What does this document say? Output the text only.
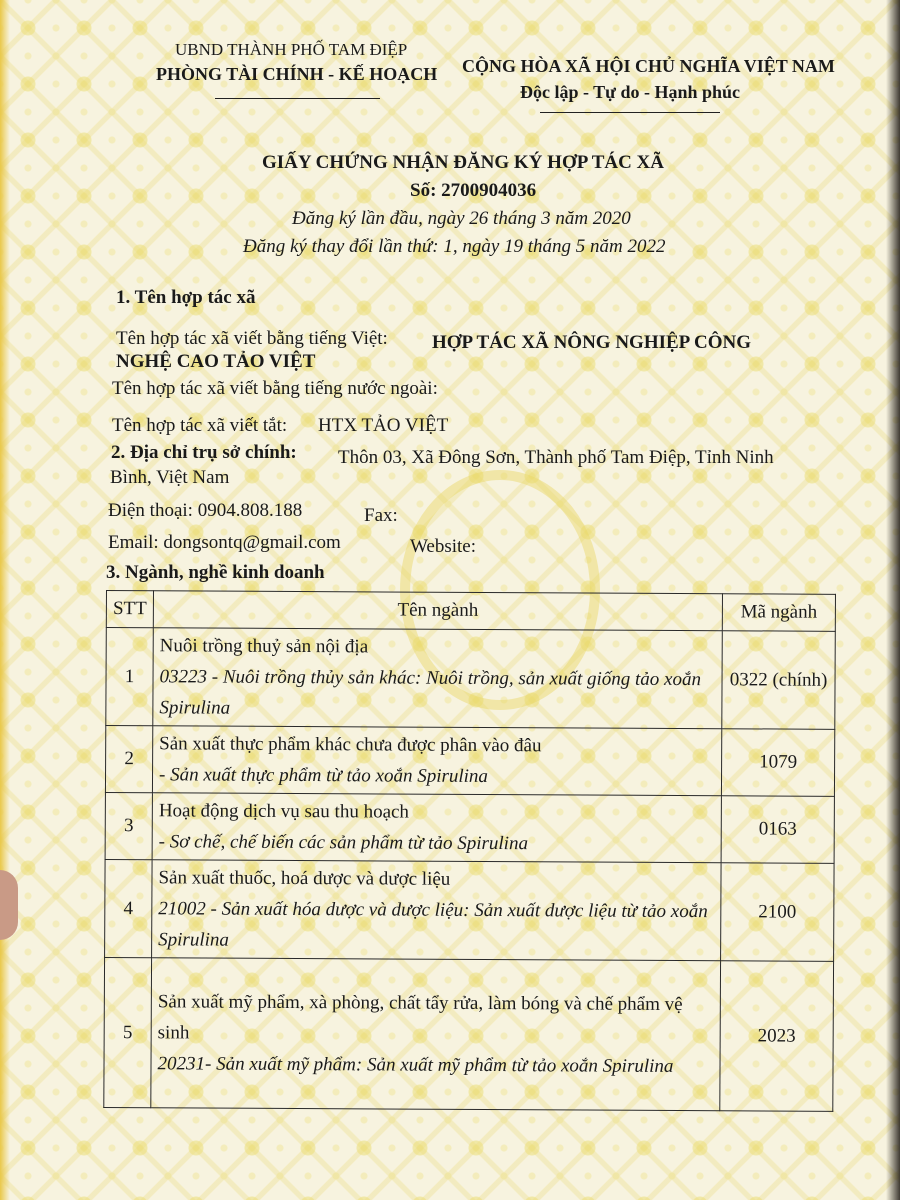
UBND THÀNH PHỐ TAM ĐIỆP
PHÒNG TÀI CHÍNH - KẾ HOẠCH CỘNG HÒA XÃ HỘI CHỦ NGHĨA VIỆT NAM
Độc lập - Tự do - Hạnh phúc
GIẤY CHỨNG NHẬN ĐĂNG KÝ HỢP TÁC XÃ
Số: 2700904036
Đăng ký lần đầu, ngày 26 tháng 3 năm 2020
Đăng ký thay đổi lần thứ: 1, ngày 19 tháng 5 năm 2022
1. Tên hợp tác xã
Tên hợp tác xã viết bằng tiếng Việt: HỢP TÁC XÃ NÔNG NGHIỆP CÔNG
NGHỆ CAO TẢO VIỆT
Tên hợp tác xã viết bằng tiếng nước ngoài:
Tên hợp tác xã viết tắt: HTX TẢO VIỆT
2. Địa chỉ trụ sở chính: Thôn 03, Xã Đông Sơn, Thành phố Tam Điệp, Tỉnh Ninh
Bình, Việt Nam
Điện thoại: 0904.808.188	Fax:
Email: dongsontq@gmail.com	Website:
3. Ngành, nghề kinh doanh
STT	Tên ngành	Mã ngành
1	Nuôi trồng thuỷ sản nội địa
03223 - Nuôi trồng thủy sản khác: Nuôi trồng, sản xuất giống tảo xoắn Spirulina	0322 (chính)
2	Sản xuất thực phẩm khác chưa được phân vào đâu
- Sản xuất thực phẩm từ tảo xoắn Spirulina	1079
3	Hoạt động dịch vụ sau thu hoạch
- Sơ chế, chế biến các sản phẩm từ tảo Spirulina	0163
4	Sản xuất thuốc, hoá dược và dược liệu
21002 - Sản xuất hóa dược và dược liệu: Sản xuất dược liệu từ tảo xoắn Spirulina	2100
5	Sản xuất mỹ phẩm, xà phòng, chất tẩy rửa, làm bóng và chế phẩm vệ sinh
20231- Sản xuất mỹ phẩm: Sản xuất mỹ phẩm từ tảo xoắn Spirulina	2023
